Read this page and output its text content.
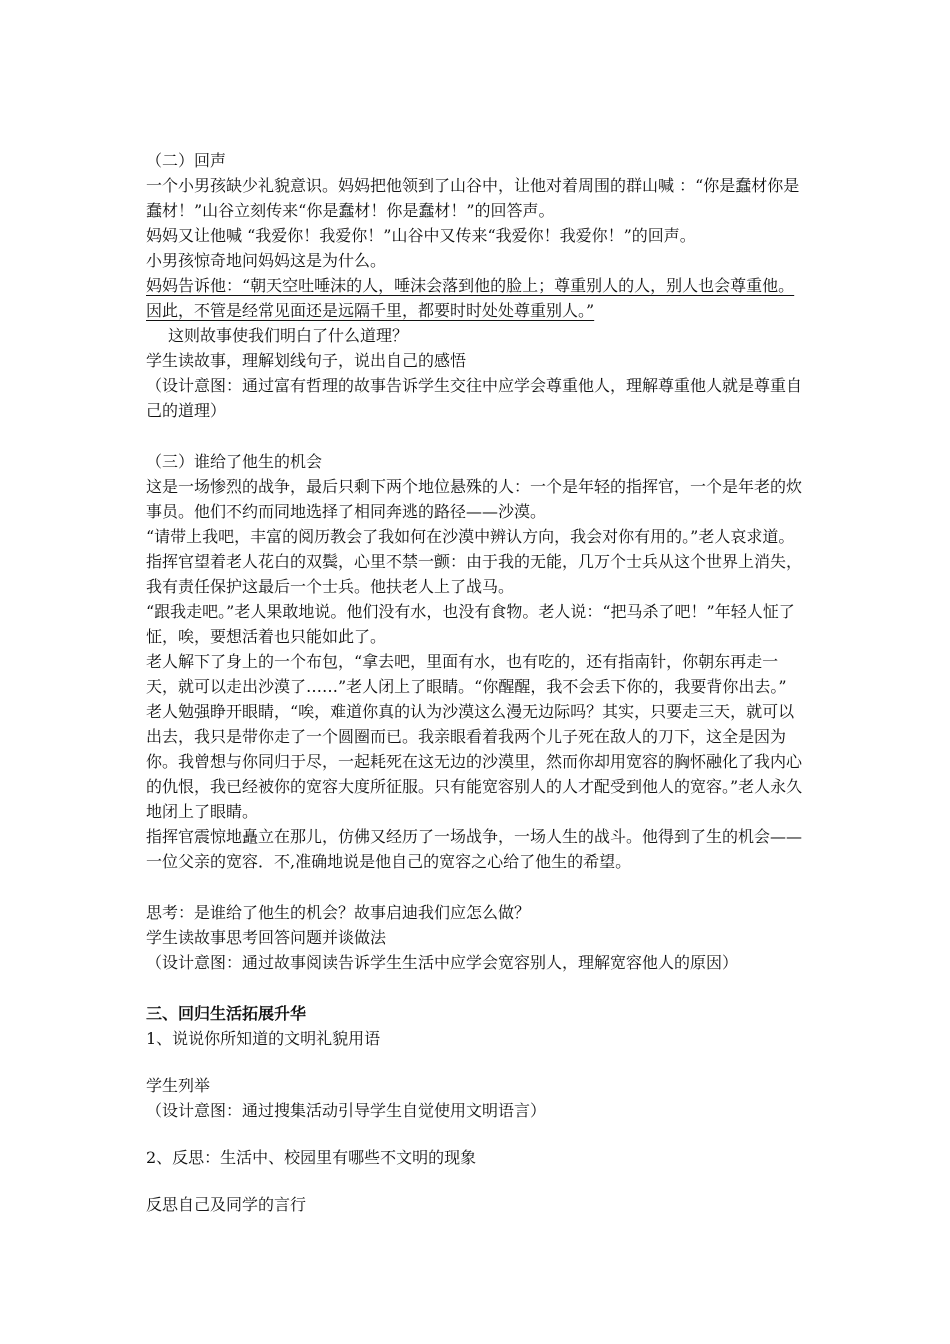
（二）回声

一个小男孩缺少礼貌意识。妈妈把他领到了山谷中，让他对着周围的群山喊 ：“你是蠢材你是蠢材！”山谷立刻传来“你是蠢材！你是蠢材！”的回答声。

妈妈又让他喊 “我爱你！我爱你！”山谷中又传来“我爱你！我爱你！”的回声。

小男孩惊奇地问妈妈这是为什么。

妈妈告诉他：“朝天空吐唾沫的人，唾沫会落到他的脸上；尊重别人的人，别人也会尊重他。因此，不管是经常见面还是远隔千里，都要时时处处尊重别人。”

这则故事使我们明白了什么道理？

学生读故事，理解划线句子，说出自己的感悟

（设计意图：通过富有哲理的故事告诉学生交往中应学会尊重他人，理解尊重他人就是尊重自己的道理）

（三）谁给了他生的机会

这是一场惨烈的战争，最后只剩下两个地位悬殊的人：一个是年轻的指挥官，一个是年老的炊事员。他们不约而同地选择了相同奔逃的路径——沙漠。

“请带上我吧，丰富的阅历教会了我如何在沙漠中辨认方向，我会对你有用的。”老人哀求道。指挥官望着老人花白的双鬓，心里不禁一颤：由于我的无能，几万个士兵从这个世界上消失，我有责任保护这最后一个士兵。他扶老人上了战马。

“跟我走吧。”老人果敢地说。他们没有水，也没有食物。老人说：“把马杀了吧！”年轻人怔了怔，唉，要想活着也只能如此了。

老人解下了身上的一个布包，“拿去吧，里面有水，也有吃的，还有指南针，你朝东再走一天，就可以走出沙漠了……”老人闭上了眼睛。“你醒醒，我不会丢下你的，我要背你出去。”

老人勉强睁开眼睛，“唉，难道你真的认为沙漠这么漫无边际吗？其实，只要走三天，就可以出去，我只是带你走了一个圆圈而已。我亲眼看着我两个儿子死在敌人的刀下，这全是因为你。我曾想与你同归于尽，一起耗死在这无边的沙漠里，然而你却用宽容的胸怀融化了我内心的仇恨，我已经被你的宽容大度所征服。只有能宽容别人的人才配受到他人的宽容。”老人永久地闭上了眼睛。

指挥官震惊地矗立在那儿，仿佛又经历了一场战争，一场人生的战斗。他得到了生的机会——一位父亲的宽容．不,准确地说是他自己的宽容之心给了他生的希望。

思考：是谁给了他生的机会？故事启迪我们应怎么做？

学生读故事思考回答问题并谈做法

（设计意图：通过故事阅读告诉学生生活中应学会宽容别人，理解宽容他人的原因）

三、回归生活拓展升华

1、说说你所知道的文明礼貌用语

学生列举

（设计意图：通过搜集活动引导学生自觉使用文明语言）

2、反思：生活中、校园里有哪些不文明的现象

反思自己及同学的言行
